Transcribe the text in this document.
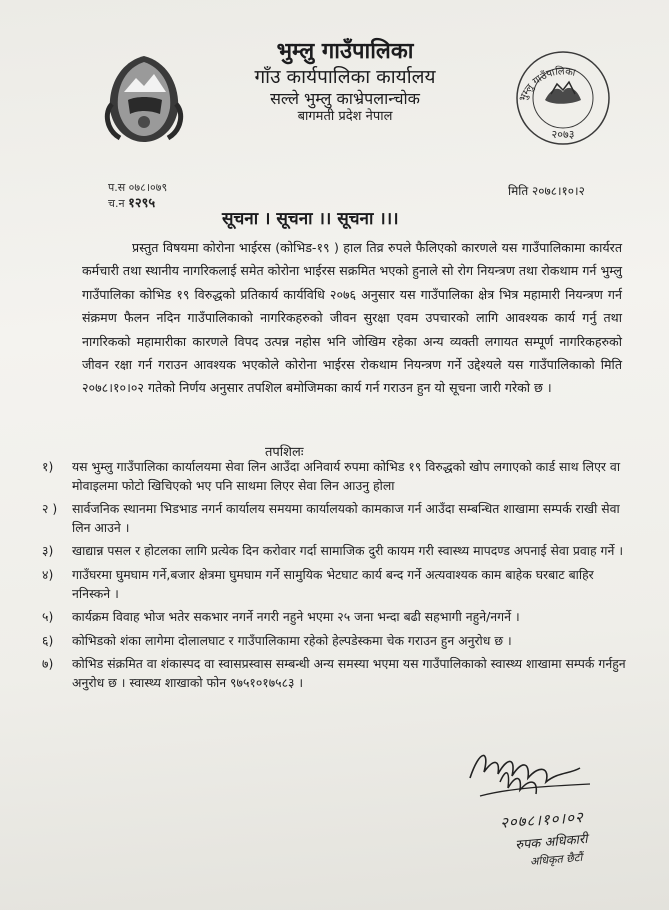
भुम्लु गाउँपालिका
गाँउ कार्यपालिका कार्यालय
सल्ले भुम्लु काभ्रेपलान्चोक
बागमती प्रदेश नेपाल
भुम्लु गाउँपालिका
२०७३
प.स ०७८।०७९
च.न १२९५
मिति २०७८।१०।२
सूचना । सूचना ।। सूचना ।।।

प्रस्तुत विषयमा कोरोना भाईरस (कोभिड-१९ ) हाल तिव्र रुपले फैलिएको कारणले यस गाउँपालिकामा कार्यरत कर्मचारी तथा स्थानीय नागरिकलाई समेत कोरोना भाईरस सक्रमित भएको हुनाले सो रोग नियन्त्रण तथा रोकथाम गर्न भुम्लु गाउँपालिका कोभिड १९ विरुद्धको प्रतिकार्य कार्यविधि २०७६ अनुसार यस गाउँपालिका क्षेत्र भित्र महामारी नियन्त्रण गर्न संक्रमण फैलन नदिन गाउँपालिकाको नागरिकहरुको जीवन सुरक्षा एवम उपचारको लागि आवश्यक कार्य गर्नु तथा नागरिकको महामारीका कारणले विपद उत्पन्न नहोस भनि जोखिम रहेका अन्य व्यक्ती लगायत सम्पूर्ण नागरिकहरुको जीवन रक्षा गर्न गराउन आवश्यक भएकोले कोरोना भाईरस रोकथाम नियन्त्रण गर्ने उद्देश्यले यस गाउँपालिकाको मिति २०७८।१०।०२ गतेको निर्णय अनुसार तपशिल बमोजिमका कार्य गर्न गराउन हुन यो सूचना जारी गरेको छ ।

तपशिलः
१)	यस भुम्लु गाउँपालिका कार्यालयमा सेवा लिन आउँदा अनिवार्य रुपमा कोभिड १९ विरुद्धको खोप लगाएको कार्ड साथ लिएर वा मोवाइलमा फोटो खिचिएको भए पनि साथमा लिएर सेवा लिन आउनु होला
२ )	सार्वजनिक स्थानमा भिडभाड नगर्न कार्यालय समयमा कार्यालयको कामकाज गर्न आउँदा सम्बन्धित शाखामा सम्पर्क राखी सेवा लिन आउने ।
३)	खाद्यान्न पसल र होटलका लागि प्रत्येक दिन करोवार गर्दा सामाजिक दुरी कायम गरी स्वास्थ्य मापदण्ड अपनाई सेवा प्रवाह गर्ने ।
४)	गाउँघरमा घुमघाम गर्ने,बजार क्षेत्रमा घुमघाम गर्ने सामुयिक भेटघाट कार्य बन्द गर्ने अत्यवाश्यक काम बाहेक घरबाट बाहिर ननिस्कने ।
५)	कार्यक्रम विवाह भोज भतेर सकभार नगर्ने नगरी नहुने भएमा २५ जना भन्दा बढी सहभागी नहुने/नगर्ने ।
६)	कोभिडको शंका लागेमा दोलालघाट र गाउँपालिकामा रहेको हेल्पडेस्कमा चेक गराउन हुन अनुरोध छ ।
७)	कोभिड संक्रमित वा शंकास्पद वा स्वासप्रस्वास सम्बन्धी अन्य समस्या भएमा यस गाउँपालिकाको स्वास्थ्य शाखामा सम्पर्क गर्नहुन अनुरोध छ । स्वास्थ्य शाखाको फोन ९७५१०१७५८३ ।
२०७८।१०।०२
रुपक अधिकारी
अधिकृत छैटौं
